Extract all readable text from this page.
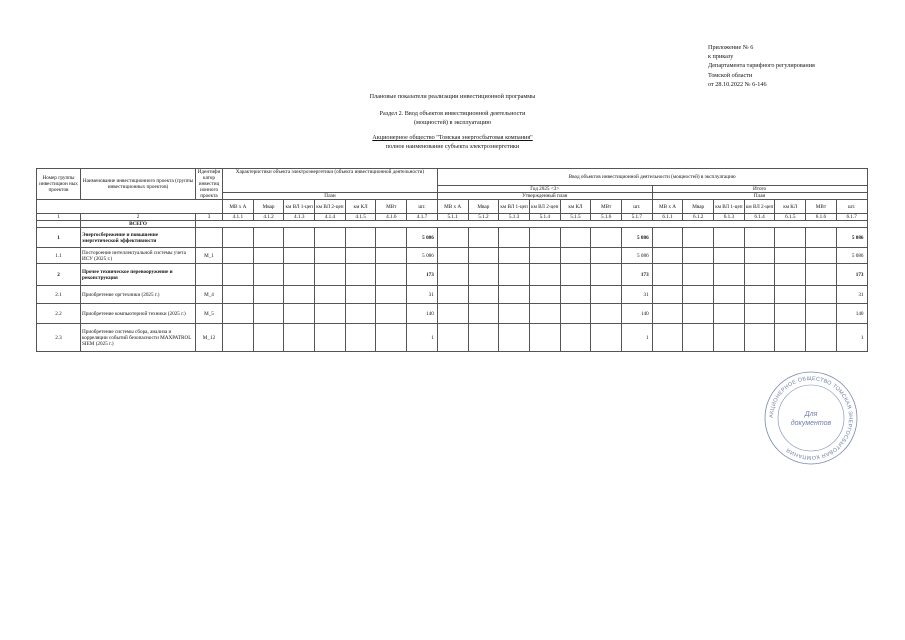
Приложение № 6
к приказу
Департамента тарифного регулирования
Томской области
от 28.10.2022 № 6-146
Плановые показатели реализации инвестиционной программы
Раздел 2. Ввод объектов инвестиционной деятельности
(мощностей) в эксплуатацию
Акционерное общество "Томская энергосбытовая компания"
полное наименование субъекта электроэнергетики
Номер группы инвестицион ных проектов	Наименование инвестиционного проекта (группы инвестиционных проектов)	Идентифи катор инвестиц ионного проекта	Характеристики объекта электроэнергетики (объекта инвестиционной деятельности)							Ввод объектов инвестиционной деятельности (мощностей) в эксплуатацию													
										Год 2025 <3>							Итого						
			План							Утвержденный план							План						
			МВ x А	Мвар	км ВЛ 1-цеп	км ВЛ 2-цеп	км КЛ	МВт	шт.	МВ x А	Мвар	км ВЛ 1-цеп	км ВЛ 2-цеп	км КЛ	МВт	шт.	МВ x А	Мвар	км ВЛ 1-цеп	км ВЛ 2-цеп	км КЛ	МВт	шт.
1	2	3	4.1.1	4.1.2	4.1.3	4.1.4	4.1.5	4.1.6	4.1.7	5.1.1	5.1.2	5.1.3	5.1.4	5.1.5	5.1.6	5.1.7	6.1.1	6.1.2	6.1.3	6.1.4	6.1.5	6.1.6	6.1.7
	ВСЕГО																						
1	Энергосбережение и повышение энергетической эффективности								5 086							5 086							5 086
1.1	Постороение интеллектуальной системы учета ИСУ (2025 г.)	M_1							5 086							5 086							5 086
2	Прочее техническое перевооружение и реконструкция								173							173							173
2.1	Приобретение оргтехники (2025 г.)	M_4							31							31							31
2.2	Приобретение компьютерной техники (2025 г.)	M_5							140							140							140
2.3	Приобретение системы сбора, анализа и корреляции событий безопасности MAXPATROL SIEM (2025 г.)	M_12							1							1							1
АКЦИОНЕРНОЕ ОБЩЕСТВО ТОМСКАЯ ЭНЕРГОСБЫТОВАЯ КОМПАНИЯ
Для
документов
